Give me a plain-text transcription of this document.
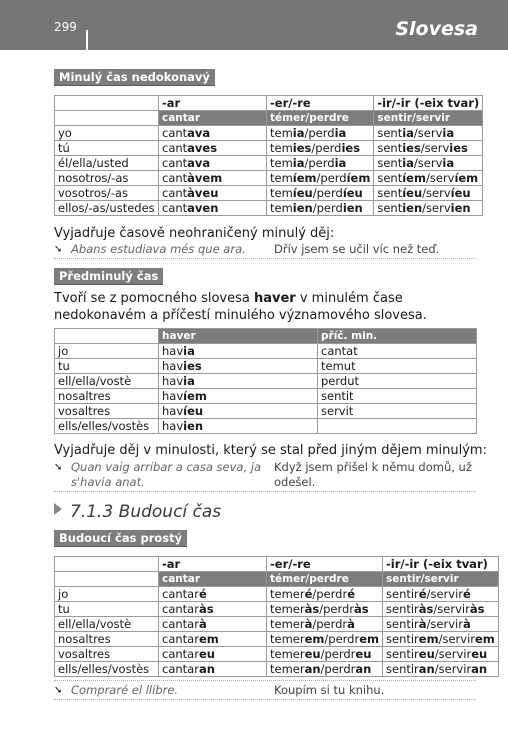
299	Slovesa
Minulý čas nedokonavý
	-ar	-er/-re	-ir/-ir (-eix tvar)
	cantar	témer/perdre	sentir/servir
yo	cantava	temia/perdia	sentia/servia
tú	cantaves	temies/perdies	senties/servies
él/ella/usted	cantava	temia/perdia	sentia/servia
nosotros/-as	cantàvem	temíem/perdíem	sentíem/servíem
vosotros/-as	cantàveu	temíeu/perdíeu	sentíeu/servíeu
ellos/-as/ustedes	cantaven	temien/perdien	sentien/servien
Vyjadřuje časově neohraničený minulý děj:
➘ Abans estudiava més que ara. Dřív jsem se učil víc než teď.
Předminulý čas
Tvoří se z pomocného slovesa haver v minulém čase nedokonavém a příčestí minulého významového slovesa.
	haver	příč. min.
jo	havia	cantat
tu	havies	temut
ell/ella/vostè	havia	perdut
nosaltres	havíem	sentit
vosaltres	havíeu	servit
ells/elles/vostès	havien	
Vyjadřuje děj v minulosti, který se stal před jiným dějem minulým:
➘ Quan vaig arribar a casa seva, ja s'havia anat.
Když jsem přišel k němu domů, už odešel.
7.1.3 Budoucí čas
Budoucí čas prostý
	-ar	-er/-re	-ir/-ir (-eix tvar)
	cantar	témer/perdre	sentir/servir
jo	cantaré	temeré/perdré	sentiré/serviré
tu	cantaràs	temeràs/perdràs	sentiràs/serviràs
ell/ella/vostè	cantarà	temerà/perdrà	sentirà/servirà
nosaltres	cantarem	temerem/perdrem	sentirem/servirem
vosaltres	cantareu	temereu/perdreu	sentireu/servireu
ells/elles/vostès	cantaran	temeran/perdran	sentiran/serviran
➘ Compraré el llibre.	Koupím si tu knihu.
